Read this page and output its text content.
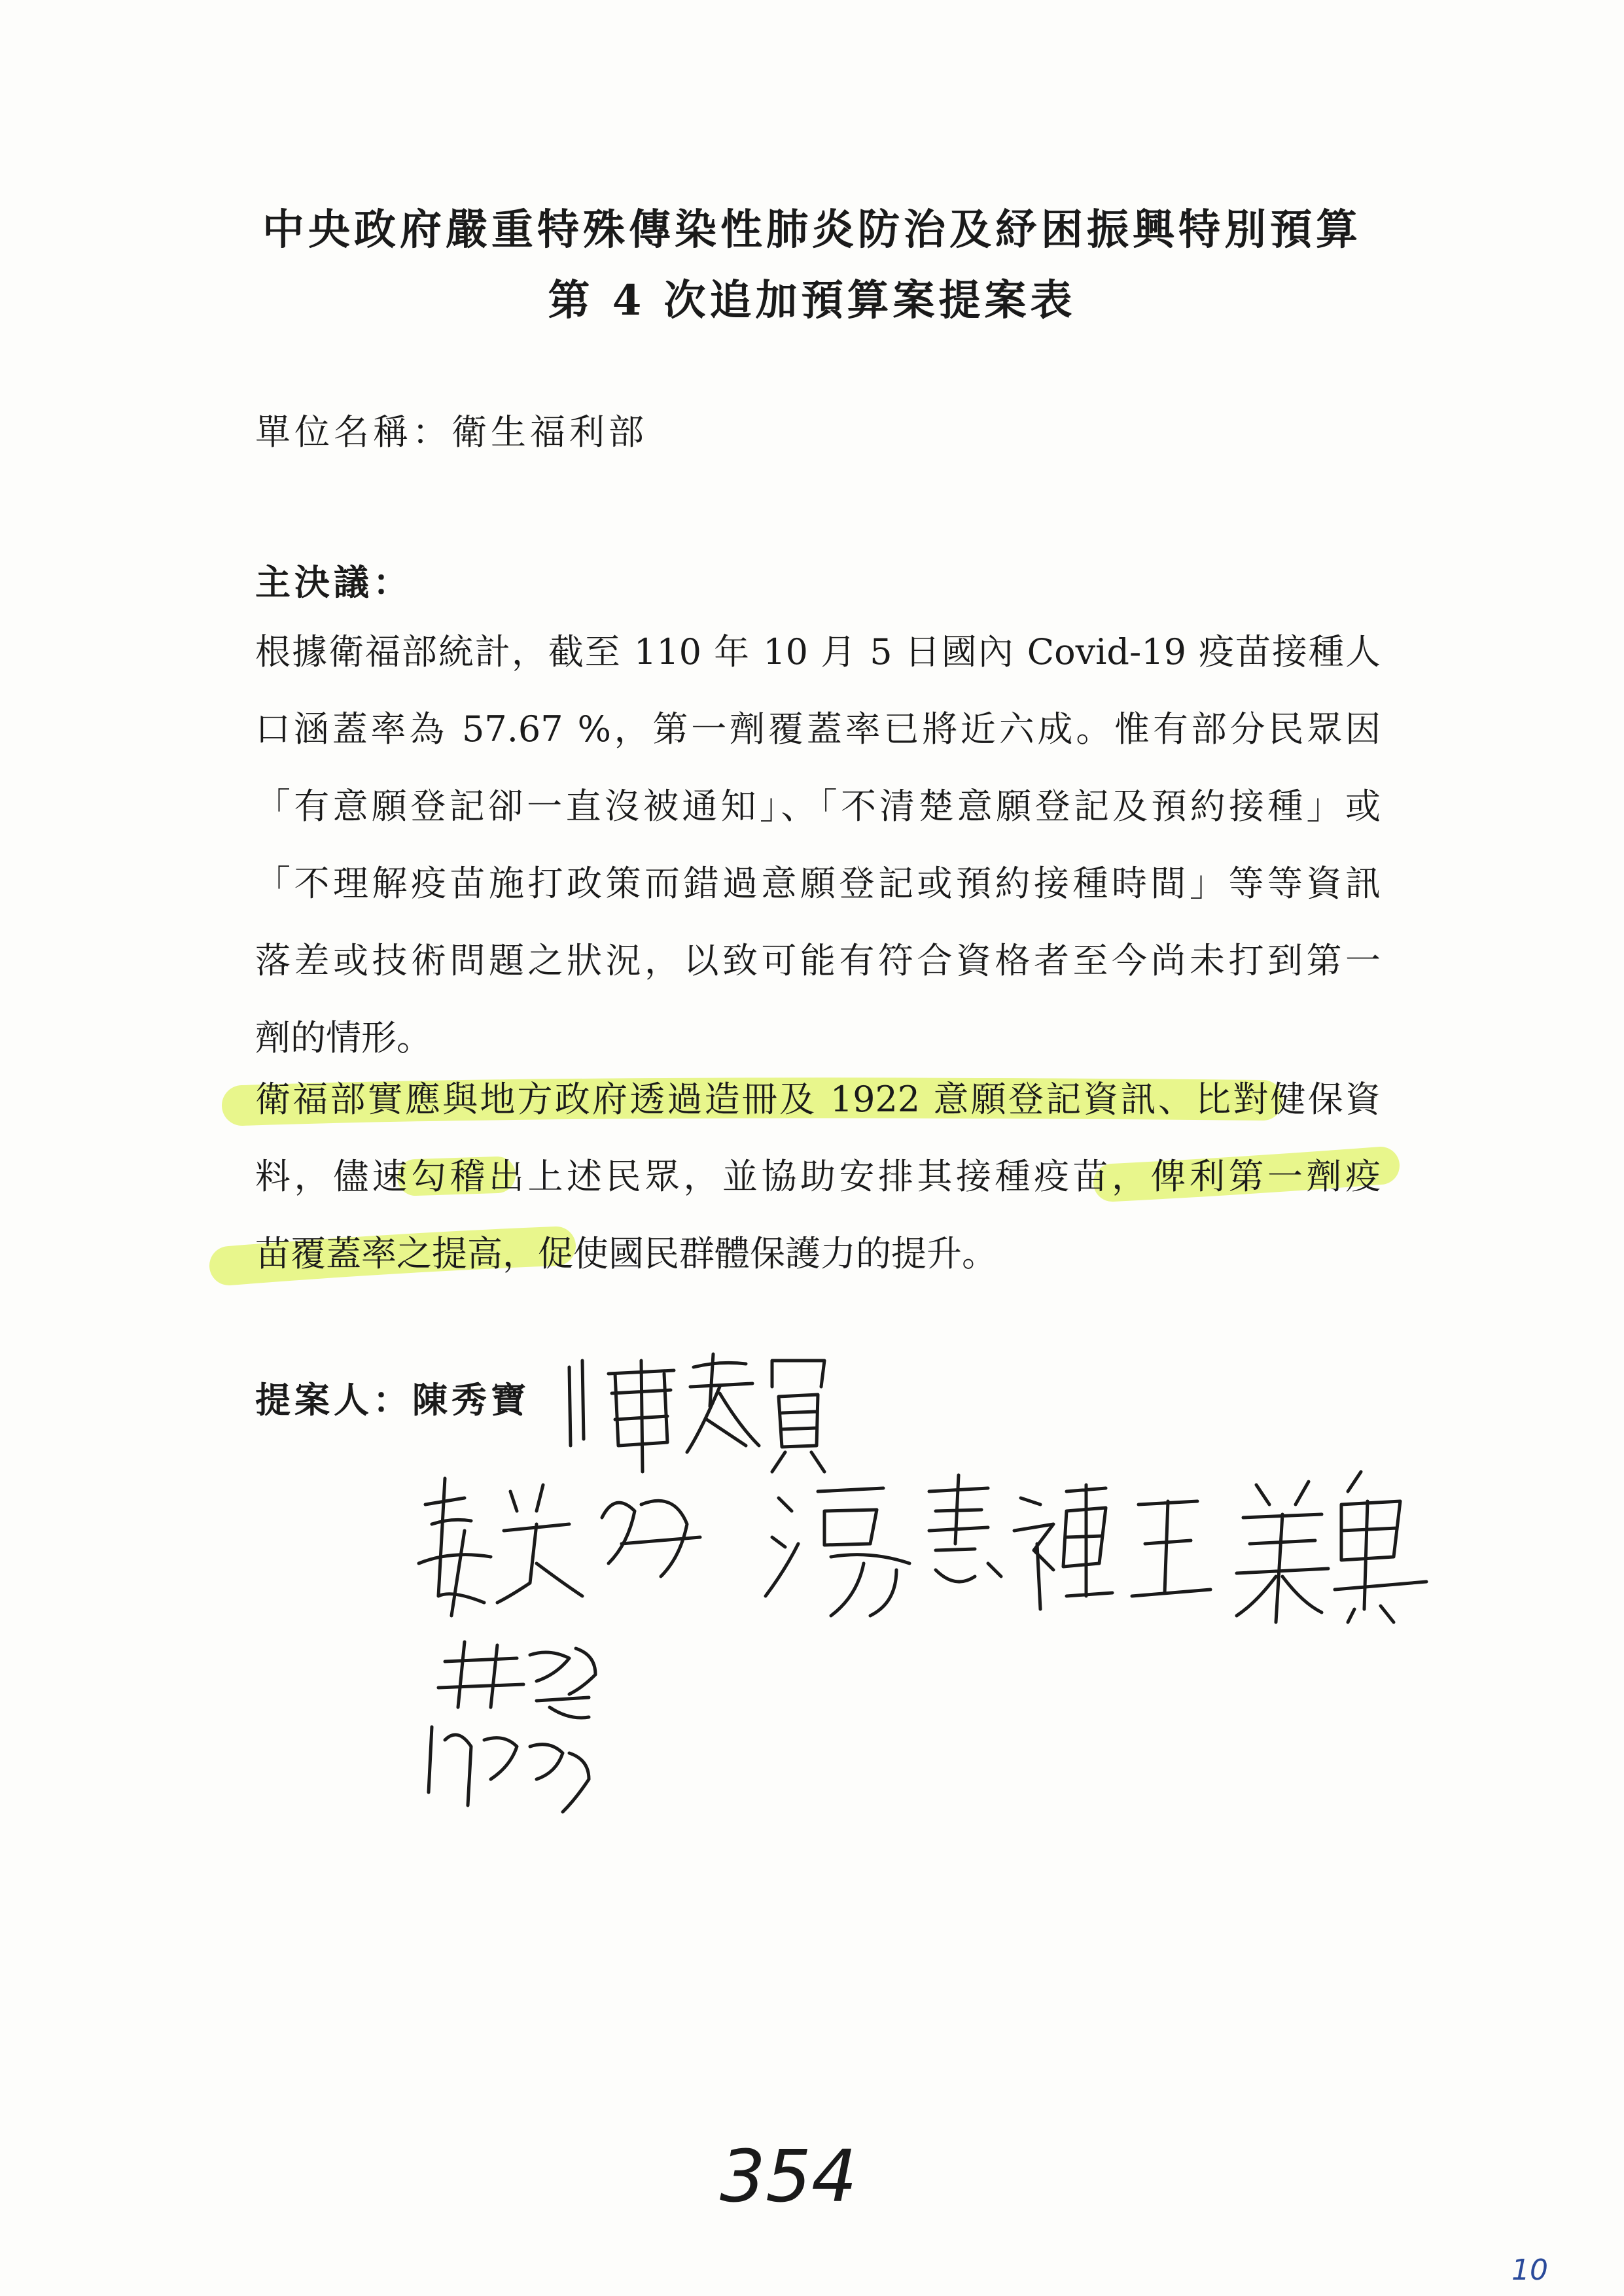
中央政府嚴重特殊傳染性肺炎防治及紓困振興特別預算
第 4 次追加預算案提案表
單位名稱：衛生福利部
主決議：
根據衛福部統計，截至 110 年 10 月 5 日國內 Covid-19 疫苗接種人
口涵蓋率為 57.67 %，第一劑覆蓋率已將近六成。惟有部分民眾因
「有意願登記卻一直沒被通知」、「不清楚意願登記及預約接種」或
「不理解疫苗施打政策而錯過意願登記或預約接種時間」等等資訊
落差或技術問題之狀況，以致可能有符合資格者至今尚未打到第一
劑的情形。
衛福部實應與地方政府透過造冊及 1922 意願登記資訊、比對健保資
料，儘速勾稽出上述民眾，並協助安排其接種疫苗，俾利第一劑疫
苗覆蓋率之提高，促使國民群體保護力的提升。
提案人：陳秀寶
354
10
